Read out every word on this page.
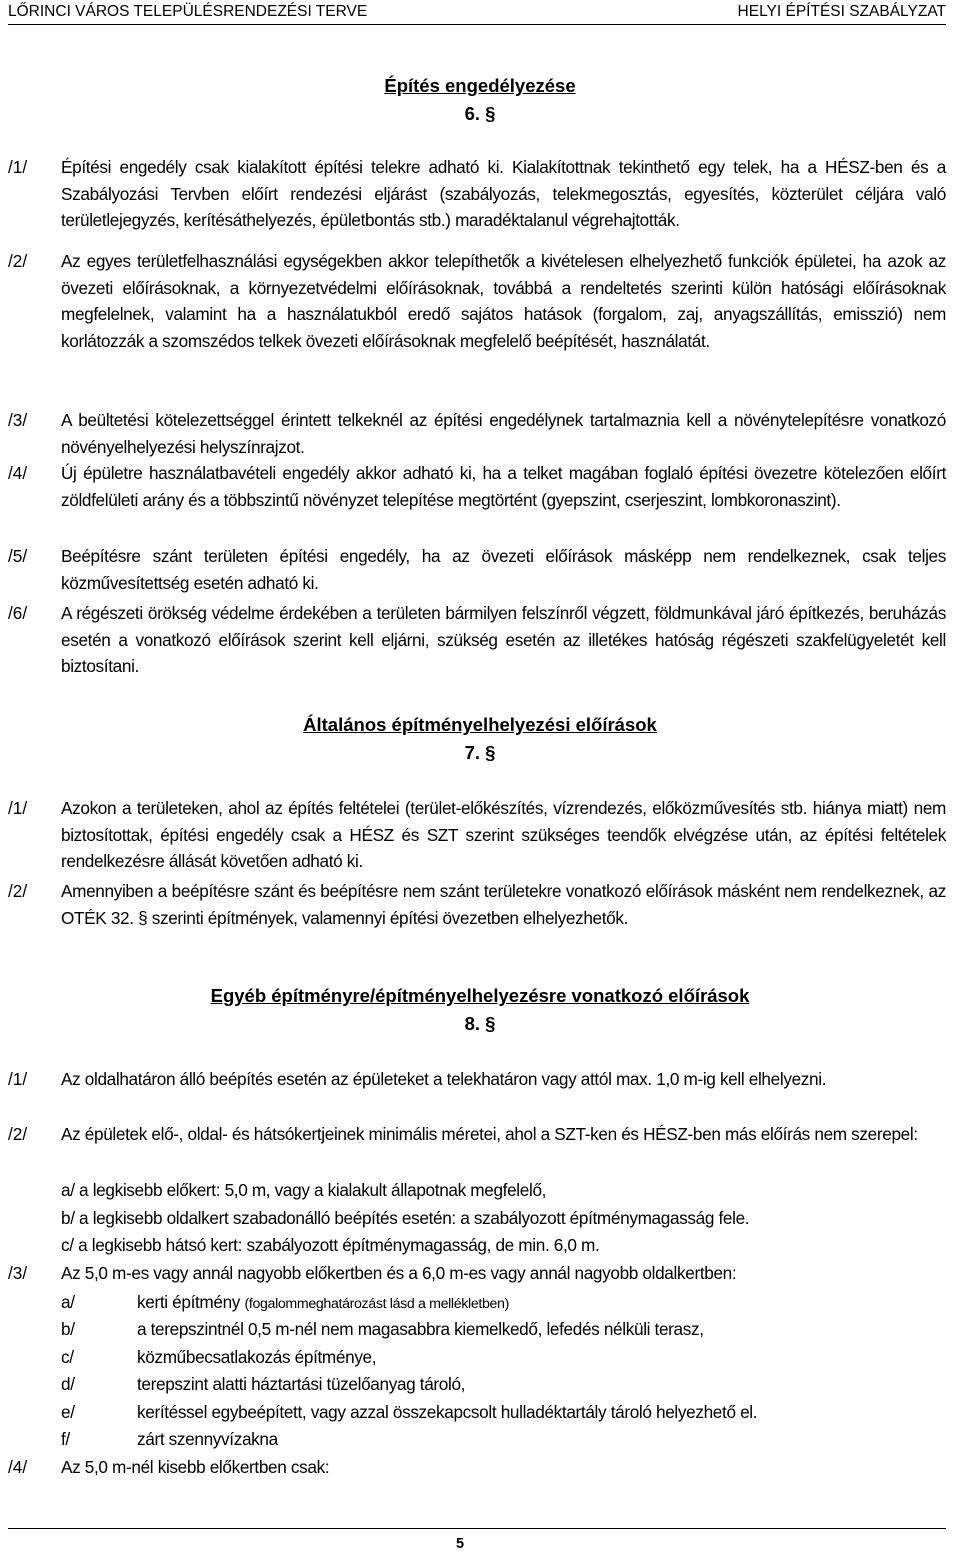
LŐRINCI VÁROS TELEPÜLÉSRENDEZÉSI TERVE	HELYI ÉPÍTÉSI SZABÁLYZAT
Építés engedélyezése
6. §
/1/ Építési engedély csak kialakított építési telekre adható ki. Kialakítottnak tekinthető egy telek, ha a HÉSZ-ben és a Szabályozási Tervben előírt rendezési eljárást (szabályozás, telekmegosztás, egyesítés, közterület céljára való területlejegyzés, kerítésáthelyezés, épületbontás stb.) maradéktalanul végrehajtották.
/2/ Az egyes területfelhasználási egységekben akkor telepíthetők a kivételesen elhelyezhető funkciók épületei, ha azok az övezeti előírásoknak, a környezetvédelmi előírásoknak, továbbá a rendeltetés szerinti külön hatósági előírásoknak megfelelnek, valamint ha a használatukból eredő sajátos hatások (forgalom, zaj, anyagszállítás, emisszió) nem korlátozzák a szomszédos telkek övezeti előírásoknak megfelelő beépítését, használatát.
/3/ A beültetési kötelezettséggel érintett telkeknél az építési engedélynek tartalmaznia kell a növénytelepítésre vonatkozó növényelhelyezési helyszínrajzot.
/4/ Új épületre használatbavételi engedély akkor adható ki, ha a telket magában foglaló építési övezetre kötelezően előírt zöldfelületi arány és a többszintű növényzet telepítése megtörtént (gyepszint, cserjeszint, lombkoronaszint).
/5/ Beépítésre szánt területen építési engedély, ha az övezeti előírások másképp nem rendelkeznek, csak teljes közművesítettség esetén adható ki.
/6/ A régészeti örökség védelme érdekében a területen bármilyen felszínről végzett, földmunkával járó építkezés, beruházás esetén a vonatkozó előírások szerint kell eljárni, szükség esetén az illetékes hatóság régészeti szakfelügyeletét kell biztosítani.
Általános építményelhelyezési előírások
7. §
/1/ Azokon a területeken, ahol az építés feltételei (terület-előkészítés, vízrendezés, előközművesítés stb. hiánya miatt) nem biztosítottak, építési engedély csak a HÉSZ és SZT szerint szükséges teendők elvégzése után, az építési feltételek rendelkezésre állását követően adható ki.
/2/ Amennyiben a beépítésre szánt és beépítésre nem szánt területekre vonatkozó előírások másként nem rendelkeznek, az OTÉK 32. § szerinti építmények, valamennyi építési övezetben elhelyezhetők.
Egyéb építményre/építményelhelyezésre vonatkozó előírások
8. §
/1/ Az oldalhatáron álló beépítés esetén az épületeket a telekhatáron vagy attól max. 1,0 m-ig kell elhelyezni.
/2/ Az épületek elő-, oldal- és hátsókertjeinek minimális méretei, ahol a SZT-ken és HÉSZ-ben más előírás nem szerepel:
a/ a legkisebb előkert: 5,0 m, vagy a kialakult állapotnak megfelelő,
b/ a legkisebb oldalkert szabadonálló beépítés esetén: a szabályozott építménymagasság fele.
c/ a legkisebb hátsó kert: szabályozott építménymagasság, de min. 6,0 m.
/3/ Az 5,0 m-es vagy annál nagyobb előkertben és a 6,0 m-es vagy annál nagyobb oldalkertben:
a/	kerti építmény (fogalommeghatározást lásd a mellékletben)
b/	a terepszintnél 0,5 m-nél nem magasabbra kiemelkedő, lefedés nélküli terasz,
c/	közműbecsatlakozás építménye,
d/	terepszint alatti háztartási tüzelőanyag tároló,
e/	kerítéssel egybeépített, vagy azzal összekapcsolt hulladéktartály tároló helyezhető el.
f/	zárt szennyvízakna
/4/ Az 5,0 m-nél kisebb előkertben csak:
5
